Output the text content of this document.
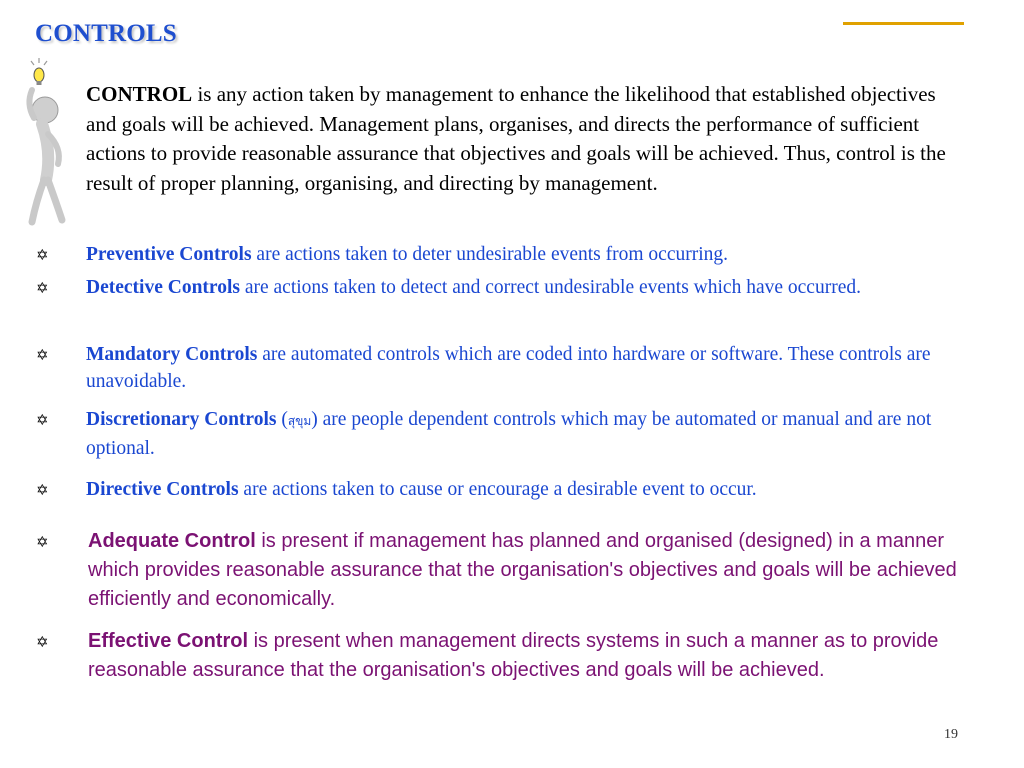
CONTROLS

CONTROL is any action taken by management to enhance the likelihood that established objectives and goals will be achieved. Management plans, organises, and directs the performance of sufficient actions to provide reasonable assurance that objectives and goals will be achieved. Thus, control is the result of proper planning, organising, and directing by management.

✡ Preventive Controls are actions taken to deter undesirable events from occurring.
✡ Detective Controls are actions taken to detect and correct undesirable events which have occurred.
✡ Mandatory Controls are automated controls which are coded into hardware or software. These controls are unavoidable.
✡ Discretionary Controls (สุขุม) are people dependent controls which may be automated or manual and are not optional.
✡ Directive Controls are actions taken to cause or encourage a desirable event to occur.
✡ Adequate Control is present if management has planned and organised (designed) in a manner which provides reasonable assurance that the organisation's objectives and goals will be achieved efficiently and economically.
✡ Effective Control is present when management directs systems in such a manner as to provide reasonable assurance that the organisation's objectives and goals will be achieved.
19
